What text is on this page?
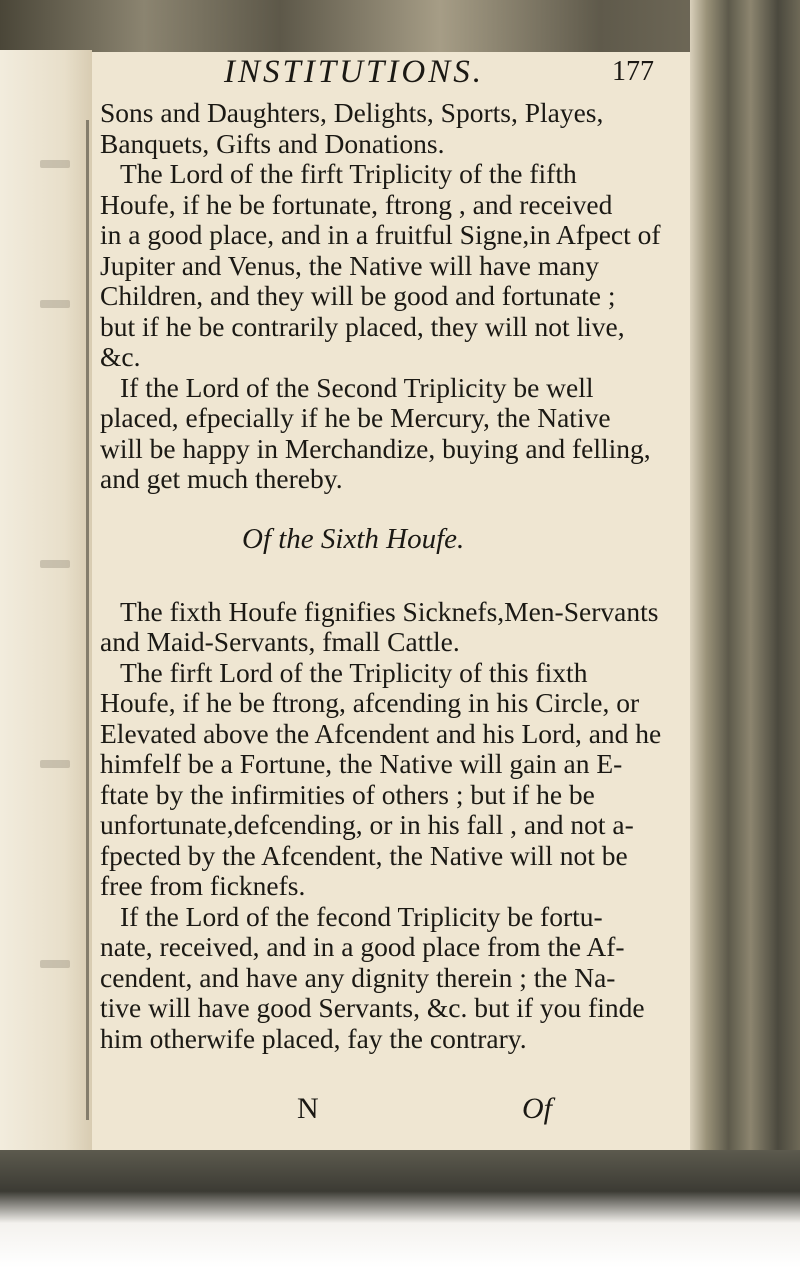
INSTITUTIONS.	177
Sons and Daughters, Delights, Sports, Playes,
Banquets, Gifts and Donations.
The Lord of the firft Triplicity of the fifth
Houfe, if he be fortunate, ftrong , and received
in a good place, and in a fruitful Signe,in Afpect of
Jupiter and Venus, the Native will have many
Children, and they will be good and fortunate ;
but if he be contrarily placed, they will not live,
&c.
If the Lord of the Second Triplicity be well
placed, efpecially if he be Mercury, the Native
will be happy in Merchandize, buying and felling,
and get much thereby.
Of the Sixth Houfe.
The fixth Houfe fignifies Sicknefs,Men-Servants
and Maid-Servants, fmall Cattle.
The firft Lord of the Triplicity of this fixth
Houfe, if he be ftrong, afcending in his Circle, or
Elevated above the Afcendent and his Lord, and he
himfelf be a Fortune, the Native will gain an E-
ftate by the infirmities of others ; but if he be
unfortunate,defcending, or in his fall , and not a-
fpected by the Afcendent, the Native will not be
free from ficknefs.
If the Lord of the fecond Triplicity be fortu-
nate, received, and in a good place from the Af-
cendent, and have any dignity therein ; the Na-
tive will have good Servants, &c. but if you finde
him otherwife placed, fay the contrary.
N	Of
